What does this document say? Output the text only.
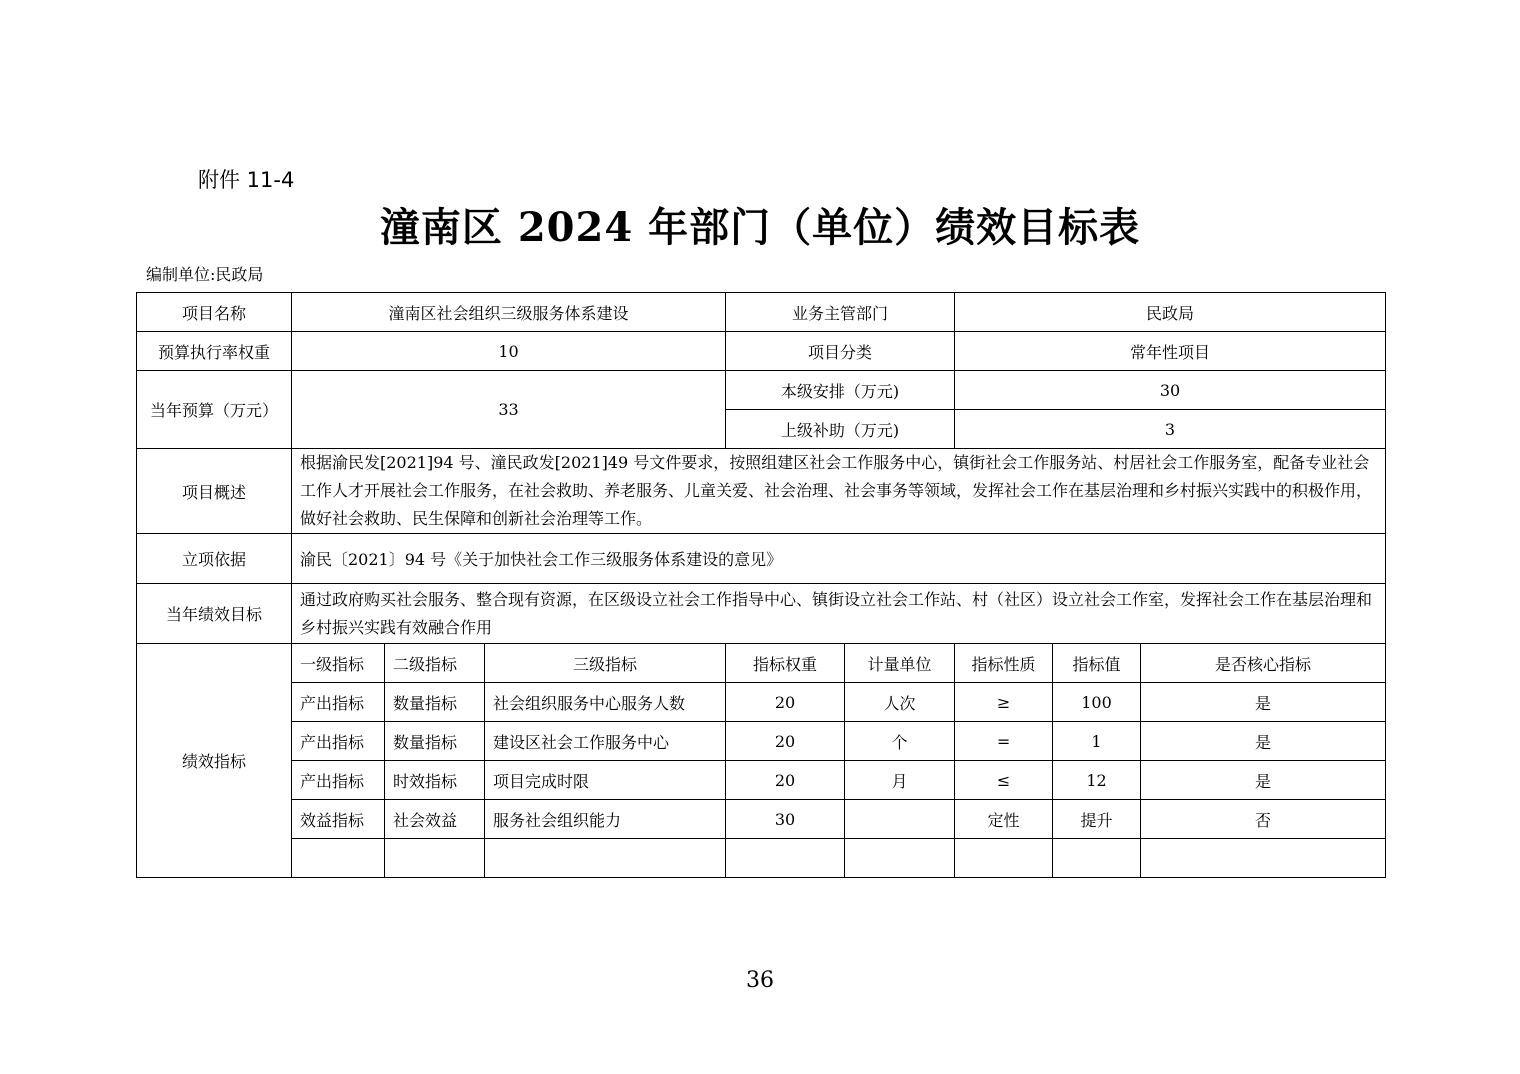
附件 11-4
潼南区 2024 年部门（单位）绩效目标表
编制单位:民政局
项目名称	潼南区社会组织三级服务体系建设			业务主管部门		民政局		
预算执行率权重	10			项目分类		常年性项目		
当年预算（万元）	33			本级安排（万元)		30		
				上级补助（万元)		3		
项目概述	根据渝民发[2021]94 号、潼民政发[2021]49 号文件要求，按照组建区社会工作服务中心，镇街社会工作服务站、村居社会工作服务室，配备专业社会工作人才开展社会工作服务，在社会救助、养老服务、儿童关爱、社会治理、社会事务等领域，发挥社会工作在基层治理和乡村振兴实践中的积极作用，做好社会救助、民生保障和创新社会治理等工作。							
立项依据	渝民〔2021〕94 号《关于加快社会工作三级服务体系建设的意见》							
当年绩效目标	通过政府购买社会服务、整合现有资源，在区级设立社会工作指导中心、镇街设立社会工作站、村（社区）设立社会工作室，发挥社会工作在基层治理和乡村振兴实践有效融合作用							
绩效指标	一级指标	二级指标	三级指标	指标权重	计量单位	指标性质	指标值	是否核心指标
	产出指标	数量指标	社会组织服务中心服务人数	20	人次	≥	100	是
	产出指标	数量指标	建设区社会工作服务中心	20	个	=	1	是
	产出指标	时效指标	项目完成时限	20	月	≤	12	是
	效益指标	社会效益	服务社会组织能力	30		定性	提升	否

36
